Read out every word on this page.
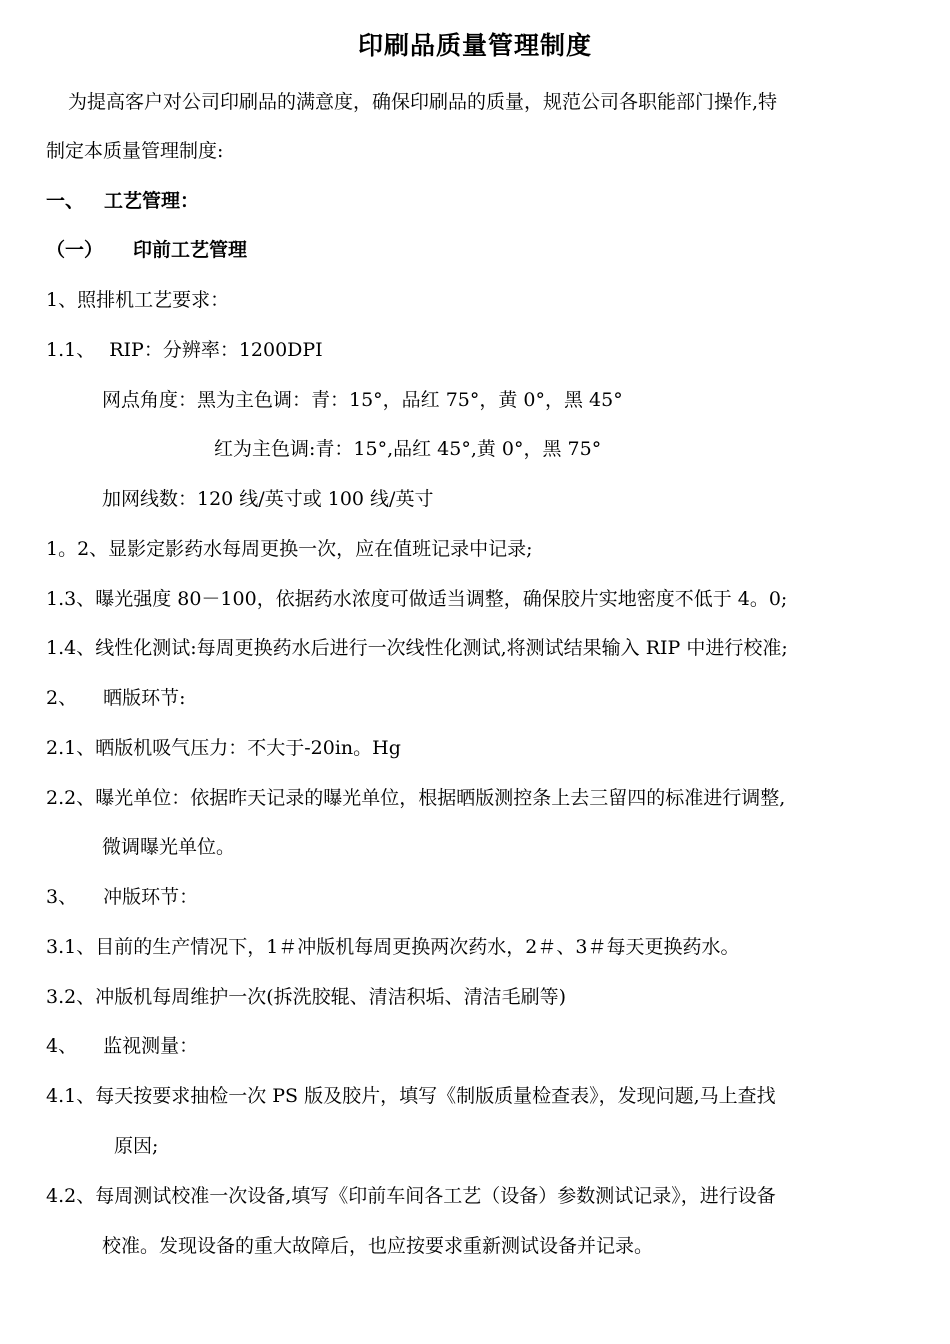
印刷品质量管理制度
为提高客户对公司印刷品的满意度，确保印刷品的质量，规范公司各职能部门操作,特
制定本质量管理制度:
一、 工艺管理：
（一） 印前工艺管理
1、照排机工艺要求：
1.1、 RIP：分辨率：1200DPI
网点角度：黑为主色调：青：15°，品红 75°，黄 0°，黑 45°
红为主色调:青：15°,品红 45°,黄 0°，黑 75°
加网线数：120 线/英寸或 100 线/英寸
1。2、显影定影药水每周更换一次，应在值班记录中记录;
1.3、曝光强度 80－100，依据药水浓度可做适当调整，确保胶片实地密度不低于 4。0;
1.4、线性化测试:每周更换药水后进行一次线性化测试,将测试结果输入 RIP 中进行校准;
2、 晒版环节:
2.1、晒版机吸气压力：不大于-20in。Hg
2.2、曝光单位：依据昨天记录的曝光单位，根据晒版测控条上去三留四的标准进行调整,
微调曝光单位。
3、 冲版环节：
3.1、目前的生产情况下，1＃冲版机每周更换两次药水，2＃、3＃每天更换药水。
3.2、冲版机每周维护一次(拆洗胶辊、清洁积垢、清洁毛刷等)
4、 监视测量：
4.1、每天按要求抽检一次 PS 版及胶片，填写《制版质量检查表》，发现问题,马上查找
原因;
4.2、每周测试校准一次设备,填写《印前车间各工艺（设备）参数测试记录》，进行设备
校准。发现设备的重大故障后，也应按要求重新测试设备并记录。
